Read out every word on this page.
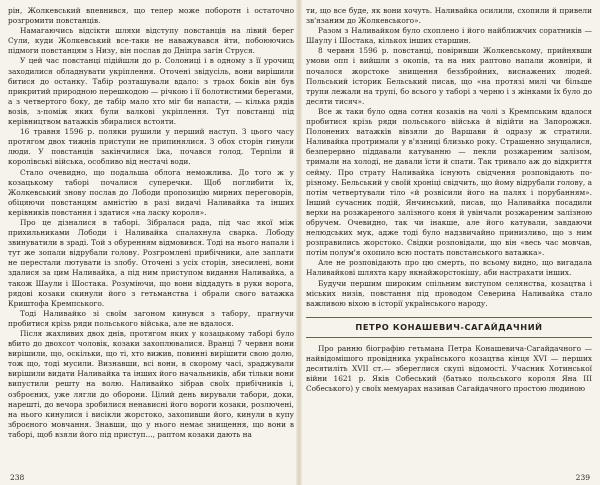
рін, Жолкевський впевнився, що тепер може поборотн і остаточно розгромити повстанців.

Намагаючись відсікти шляхи відступу повстанців на лівий берег Сули, куди Жолкевський все-таки не наважувався йти, побоюючись підмоги повстанцям з Низу, він послав до Дніпра загін Струся.

У цей час повстанці підійшли до р. Солониці і в одному з її урочищ заходилися обладнувати укріплення. Оточені звідусіль, вони вирішили битися до останку. Табір розташували вдало: з трьох боків він був прикритий природною перешкодою — річкою і її болотистими берегами, а з четвертого боку, де табір мало хто міг би напасти, — кілька рядів возів, з-поміж яких були валкові укріплення. Тут повстанці під керівництвом ватажків збиралися встояти.

16 травня 1596 р. поляки рушили у перший наступ. З цього часу протягом двох тижнів приступи не припинялися. З обох сторін гинули люди. У повстанців закінчилися їжа, почався голод. Терпіли й королівські війська, особливо від нестачі води.

Стало очевидно, що подальша облога неможлива. До того ж у козацькому таборі почалися суперечки. Щоб поглибити їх, Жолкевський знову послав до Лободи пропозицію мирних переговорів, обіцяючи повстанцям амністію в разі видачі Наливайка та інших керівників повстання і здатися «на ласку короля».

Про це дізналися в таборі. Зібралася рада, під час якої між прихильниками Лободи і Наливайка спалахнула сварка. Лободу звинуватили в зраді. Той з обуренням відмовився. Тоді на нього напали і тут же зопали відрубали голову. Розгромлені прибічники, але заплати не перестали лютувати із злобу. Оточені з усіх сторін, знесилені, вони здалися за цим Наливайка, а під ним приступом видання Наливайка, а також Шаули і Шостака. Розуміючи, що вони віддадуть в руки ворога, рядові козаки скинули його з гетьманства і обрали свого ватажка Криштофа Кремпського.

Тоді Наливайко зі своїм загоном кинувся з табору, прагнучи пробитися крізь ряди польського війська, але не вдалося.

Після жахливих двох днів, протягом яких у козацькому таборі було вбито до двохсот чоловік, козаки захоплювалися. Вранці 7 червня вони вирішили, що, оскільки, що ті, хто вижив, повинні вирішити свою долю, тож що, тоді мусили. Визнавши, всі вони, в скорому часі, зраджували вирішили видати Наливайка та інших його начальників, аби тільки вони випустили решту на волю. Наливайко зібрав своїх прибічників і, озброєних, уже лягли до оборони. Цілий день вирували табори, доки, нарешті, до вечора зробилися ненависні його вороги козаки, розлючені, на нього кинулися і висікли жорстоко, захопивши його, кинули в купу зброєного мовчання. Знавши, що у нього немає знищення, що вони в таборі, щоб взяли його під приступ..., раптом козаки дають на

ти, що все буде, як вони хочуть. Наливайка осилили, схопили й привели зв'язаним до Жолкевського».

Разом з Наливайком було схоплено і його найближчих соратників — Шаулу і Шостака, кількох інших старшин.

8 червня 1596 р. повстанці, повіривши Жолкевському, прийнявши умови опп і вийшли з окопів, та на них раптово напали жовніри, й почалося жорстоке знищення беззбройних, виснажених людей. Польський історик Бельський писав, що «на протязі милі чи більше трупи лежали на трупі, бо всього у таборі з черню і з жінками їх було до десяти тисяч».

Все ж таки було одна сотня козаків на чолі з Кремпським вдалося пробитися крізь ряди польського війська й відійти на Запорожжя. Полонених ватажків вівзяли до Варшави й одразу ж стратили. Наливайка протримали у в'язниці близько року. Страшенно знущалися, безперервно піддавали катуванню — пекли розжареним залізом, тримали на холоді, не давали їсти й спати. Так тривало аж до відкриття сейму. Про страту Наливайка існують свідчення розповідають по-різному. Бельський у своїй хроніці свідчить, що йому відрубали голову, а потім четвертували тіло «й розвісили його на палях і порубанням». Інший сучасник подій, Янчинський, писав, що Наливайка посадили верхи на розжареного залізного коня й увінчали розжареним залізною обручем. Очевидно, так чи інакше, але його катували, завдаючи нелюдських мук, адже тоді було надзвичайно принизливо, що з ним розправились жорстоко. Свідки розповідали, що він «весь час мовчав, потім полум'я охопило всю постать повстанського ватажка».

Але не розповідають про цю смерть, по всьому видно, що вигадала Наливайкові шляхта кару якнайжорстокішу, аби настрахати інших.

Будучи першим широким спільним виступом селянства, козацтва і міських низів, повстання під проводом Северина Наливайка стало важливою віхою в історії українського народу.

ПЕТРО КОНАШЕВИЧ-САГАЙДАЧНИЙ

Про ранню біографію гетьмана Петра Конашевича-Сагайдачного — найвідомішого провідника українського козацтва кінця XVI — перших десятиліть XVII ст.— збереглися скупі відомості. Учасник Хотинської війни 1621 р. Яків Собеський (батько польського короля Яна III Собеського) у своїх мемуарах називав Сагайдачного простою людиною

238	239
